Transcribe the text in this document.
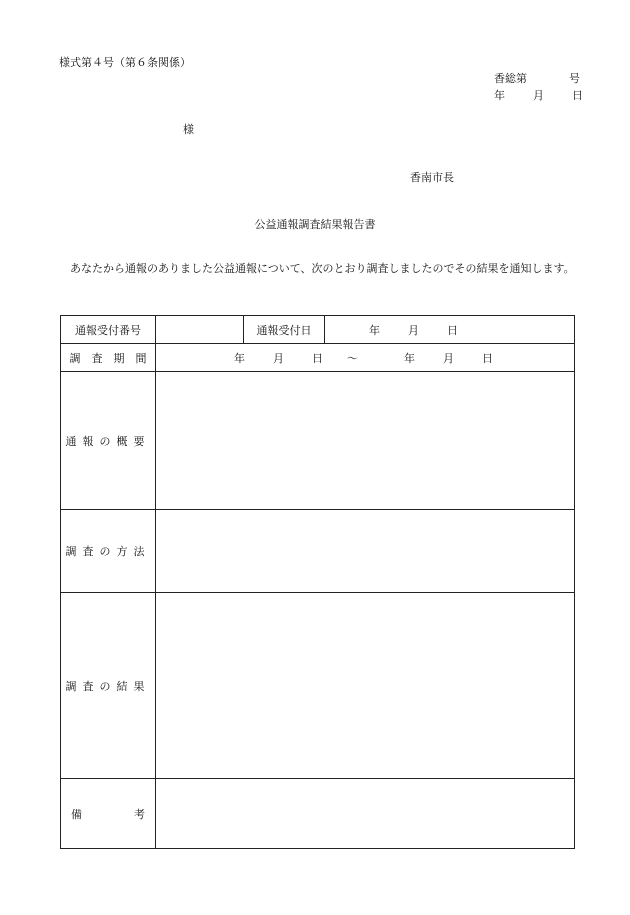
様式第４号（第６条関係）
香総第	号
年	月	日
様
香南市長
公益通報調査結果報告書
あなたから通報のありました公益通報について、次のとおり調査しましたのでその結果を通知します。
通報受付番号		通報受付日	年 月 日

調　査　期　間	年 月 日 ～ 年 月 日		

通報の概要			
調査の方法			
調査の結果			

備 考			
